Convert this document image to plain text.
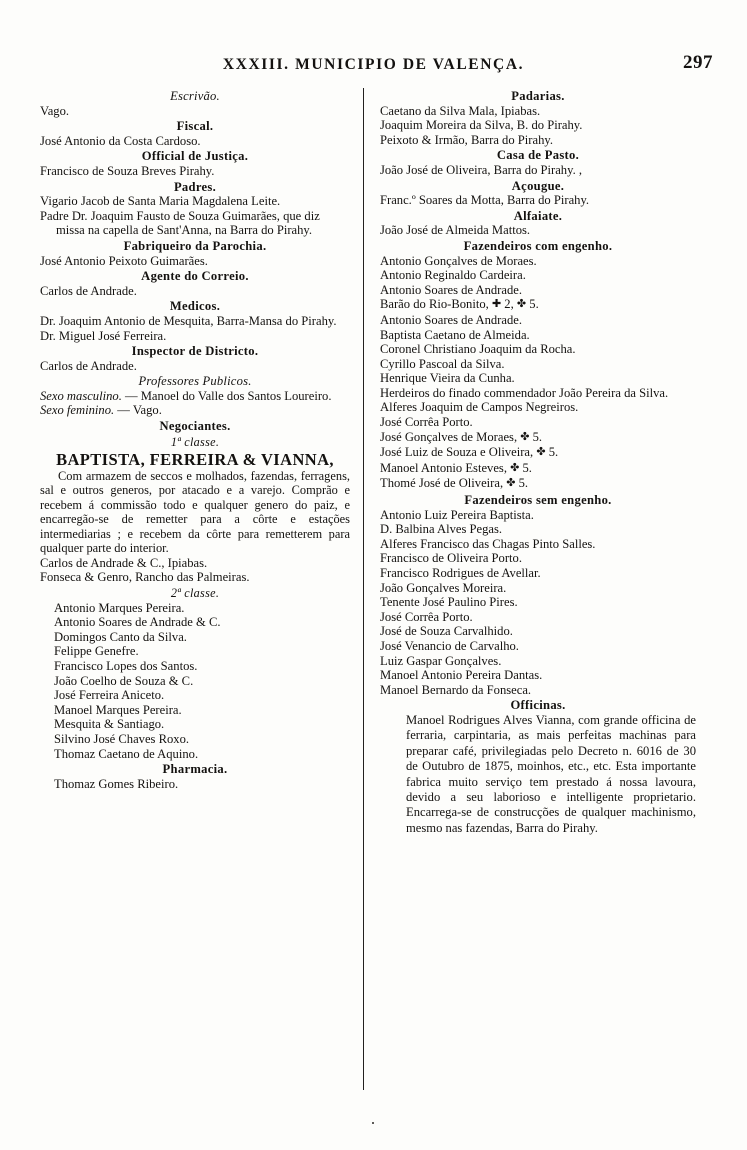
XXXIII. MUNICIPIO DE VALENÇA.	297
Escrivão.
Vago.
Fiscal.
José Antonio da Costa Cardoso.
Official de Justiça.
Francisco de Souza Breves Pirahy.
Padres.
Vigario Jacob de Santa Maria Magdalena Leite.
Padre Dr. Joaquim Fausto de Souza Guimarães, que diz missa na capella de Sant'Anna, na Barra do Pirahy.
Fabriqueiro da Parochia.
José Antonio Peixoto Guimarães.
Agente do Correio.
Carlos de Andrade.
Medicos.
Dr. Joaquim Antonio de Mesquita, Barra-Mansa do Pirahy.
Dr. Miguel José Ferreira.
Inspector de Districto.
Carlos de Andrade.
Professores Publicos.
Sexo masculino. — Manoel do Valle dos Santos Loureiro.
Sexo feminino. — Vago.
Negociantes.
1ª classe.
BAPTISTA, FERREIRA & VIANNA,
Com armazem de seccos e molhados, fazendas, ferragens, sal e outros generos, por atacado e a varejo. Comprão e recebem á commissão todo e qualquer genero do paiz, e encarregão-se de remetter para a côrte e estações intermediarias ; e recebem da côrte para remetterem para qualquer parte do interior.
Carlos de Andrade & C., Ipiabas.
Fonseca & Genro, Rancho das Palmeiras.
2ª classe.
Antonio Marques Pereira.
Antonio Soares de Andrade & C.
Domingos Canto da Silva.
Felippe Genefre.
Francisco Lopes dos Santos.
João Coelho de Souza & C.
José Ferreira Aniceto.
Manoel Marques Pereira.
Mesquita & Santiago.
Silvino José Chaves Roxo.
Thomaz Caetano de Aquino.
Pharmacia.
Thomaz Gomes Ribeiro.
Padarias.
Caetano da Silva Mala, Ipiabas.
Joaquim Moreira da Silva, B. do Pirahy.
Peixoto & Irmão, Barra do Pirahy.
Casa de Pasto.
João José de Oliveira, Barra do Pirahy. ,
Açougue.
Franc.º Soares da Motta, Barra do Pirahy.
Alfaiate.
João José de Almeida Mattos.
Fazendeiros com engenho.
Antonio Gonçalves de Moraes.
Antonio Reginaldo Cardeira.
Antonio Soares de Andrade.
Barão do Rio-Bonito, ✚ 2, ✤ 5.
Antonio Soares de Andrade.
Baptista Caetano de Almeida.
Coronel Christiano Joaquim da Rocha.
Cyrillo Pascoal da Silva.
Henrique Vieira da Cunha.
Herdeiros do finado commendador João Pereira da Silva.
Alferes Joaquim de Campos Negreiros.
José Corrêa Porto.
José Gonçalves de Moraes, ✤ 5.
José Luiz de Souza e Oliveira, ✤ 5.
Manoel Antonio Esteves, ✤ 5.
Thomé José de Oliveira, ✤ 5.
Fazendeiros sem engenho.
Antonio Luiz Pereira Baptista.
D. Balbina Alves Pegas.
Alferes Francisco das Chagas Pinto Salles.
Francisco de Oliveira Porto.
Francisco Rodrigues de Avellar.
João Gonçalves Moreira.
Tenente José Paulino Pires.
José Corrêa Porto.
José de Souza Carvalhido.
José Venancio de Carvalho.
Luiz Gaspar Gonçalves.
Manoel Antonio Pereira Dantas.
Manoel Bernardo da Fonseca.
Officinas.
Manoel Rodrigues Alves Vianna, com grande officina de ferraria, carpintaria, as mais perfeitas machinas para preparar café, privilegiadas pelo Decreto n. 6016 de 30 de Outubro de 1875, moinhos, etc., etc. Esta importante fabrica muito serviço tem prestado á nossa lavoura, devido a seu laborioso e intelligente proprietario. Encarrega-se de construcções de qualquer machinismo, mesmo nas fazendas, Barra do Pirahy.
